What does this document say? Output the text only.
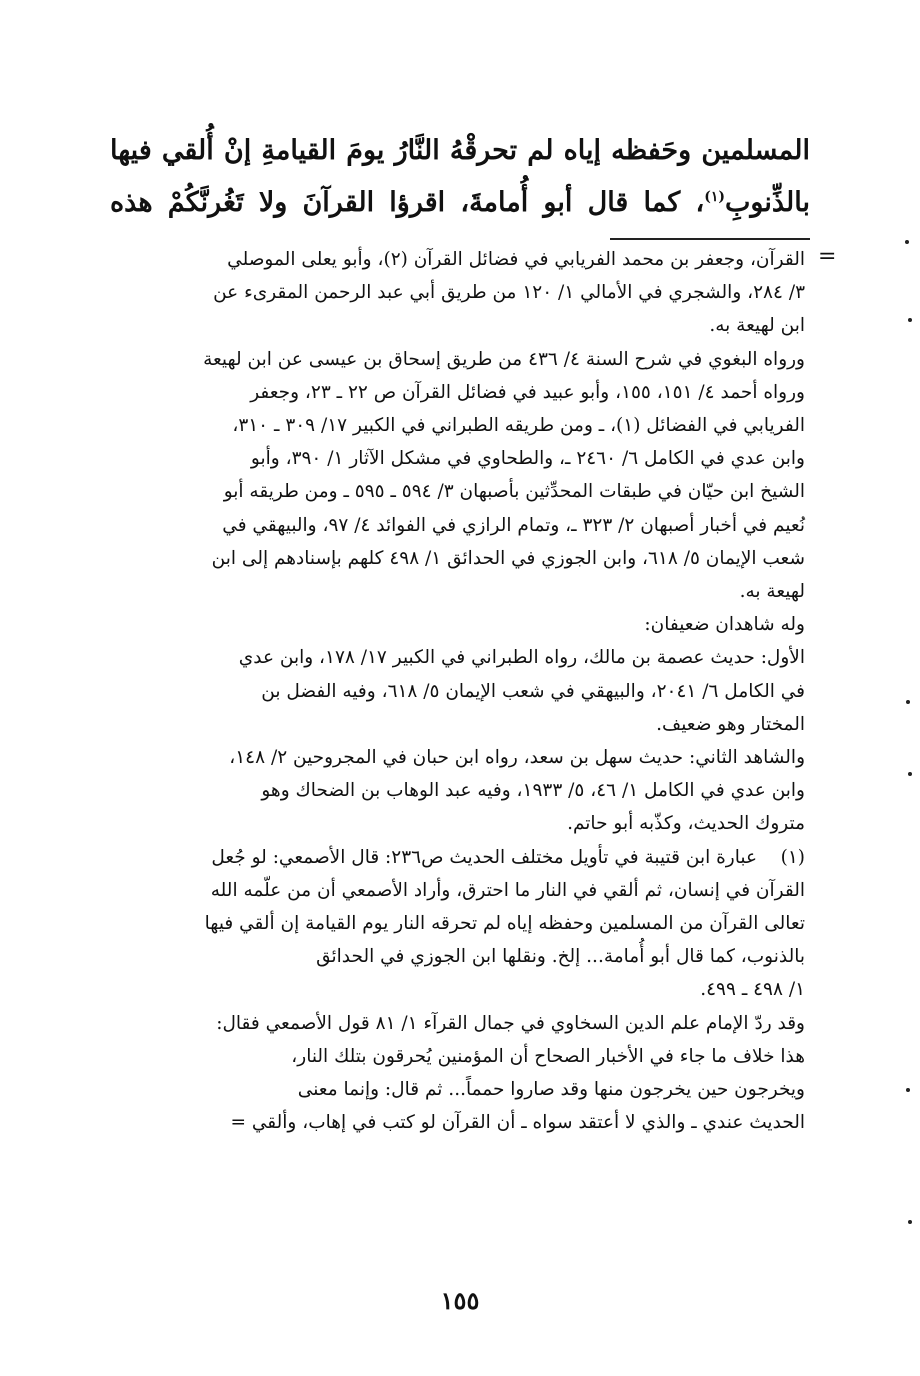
المسلمين وحَفظه إياه لم تحرقْهُ النَّارُ يومَ القيامةِ إنْ أُلقي فيها

بالذِّنوبِ$^{(١)}$، كما قال أبو أُمامةَ، اقرؤا القرآنَ ولا تَغُرنَّكُمْ هذه

=

القرآن، وجعفر بن محمد الفريابي في فضائل القرآن (٢)، وأبو يعلى الموصلي

٣/ ٢٨٤، والشجري في الأمالي ١/ ١٢٠ من طريق أبي عبد الرحمن المقرىء عن

ابن لهيعة به.

ورواه البغوي في شرح السنة ٤/ ٤٣٦ من طريق إسحاق بن عيسى عن ابن لهيعة

ورواه أحمد ٤/ ١٥١، ١٥٥، وأبو عبيد في فضائل القرآن ص ٢٢ ـ ٢٣، وجعفر

الفريابي في الفضائل (١)، ـ ومن طريقه الطبراني في الكبير ١٧/ ٣٠٩ ـ ٣١٠،

وابن عدي في الكامل ٦/ ٢٤٦٠ ـ، والطحاوي في مشكل الآثار ١/ ٣٩٠، وأبو

الشيخ ابن حيّان في طبقات المحدِّثين بأصبهان ٣/ ٥٩٤ ـ ٥٩٥ ـ ومن طريقه أبو

نُعيم في أخبار أصبهان ٢/ ٣٢٣ ـ، وتمام الرازي في الفوائد ٤/ ٩٧، والبيهقي في

شعب الإيمان ٥/ ٦١٨، وابن الجوزي في الحدائق ١/ ٤٩٨ كلهم بإسنادهم إلى ابن

لهيعة به.

وله شاهدان ضعيفان:

الأول: حديث عصمة بن مالك، رواه الطبراني في الكبير ١٧/ ١٧٨، وابن عدي

في الكامل ٦/ ٢٠٤١، والبيهقي في شعب الإيمان ٥/ ٦١٨، وفيه الفضل بن

المختار وهو ضعيف.

والشاهد الثاني: حديث سهل بن سعد، رواه ابن حبان في المجروحين ٢/ ١٤٨،

وابن عدي في الكامل ١/ ٤٦، ٥/ ١٩٣٣، وفيه عبد الوهاب بن الضحاك وهو

متروك الحديث، وكذّبه أبو حاتم.

(١)عبارة ابن قتيبة في تأويل مختلف الحديث ص٢٣٦: قال الأصمعي: لو جُعل

القرآن في إنسان، ثم ألقي في النار ما احترق، وأراد الأصمعي أن من علّمه الله

تعالى القرآن من المسلمين وحفظه إياه لم تحرقه النار يوم القيامة إن ألقي فيها

بالذنوب، كما قال أبو أُمامة... إلخ. ونقلها ابن الجوزي في الحدائق

١/ ٤٩٨ ـ ٤٩٩.

وقد ردّ الإمام علم الدين السخاوي في جمال القرآء ١/ ٨١ قول الأصمعي فقال:

هذا خلاف ما جاء في الأخبار الصحاح أن المؤمنين يُحرقون بتلك النار،

ويخرجون حين يخرجون منها وقد صاروا حمماً... ثم قال: وإنما معنى

الحديث عندي ـ والذي لا أعتقد سواه ـ أن القرآن لو كتب في إهاب، وألقي =

١٥٥
